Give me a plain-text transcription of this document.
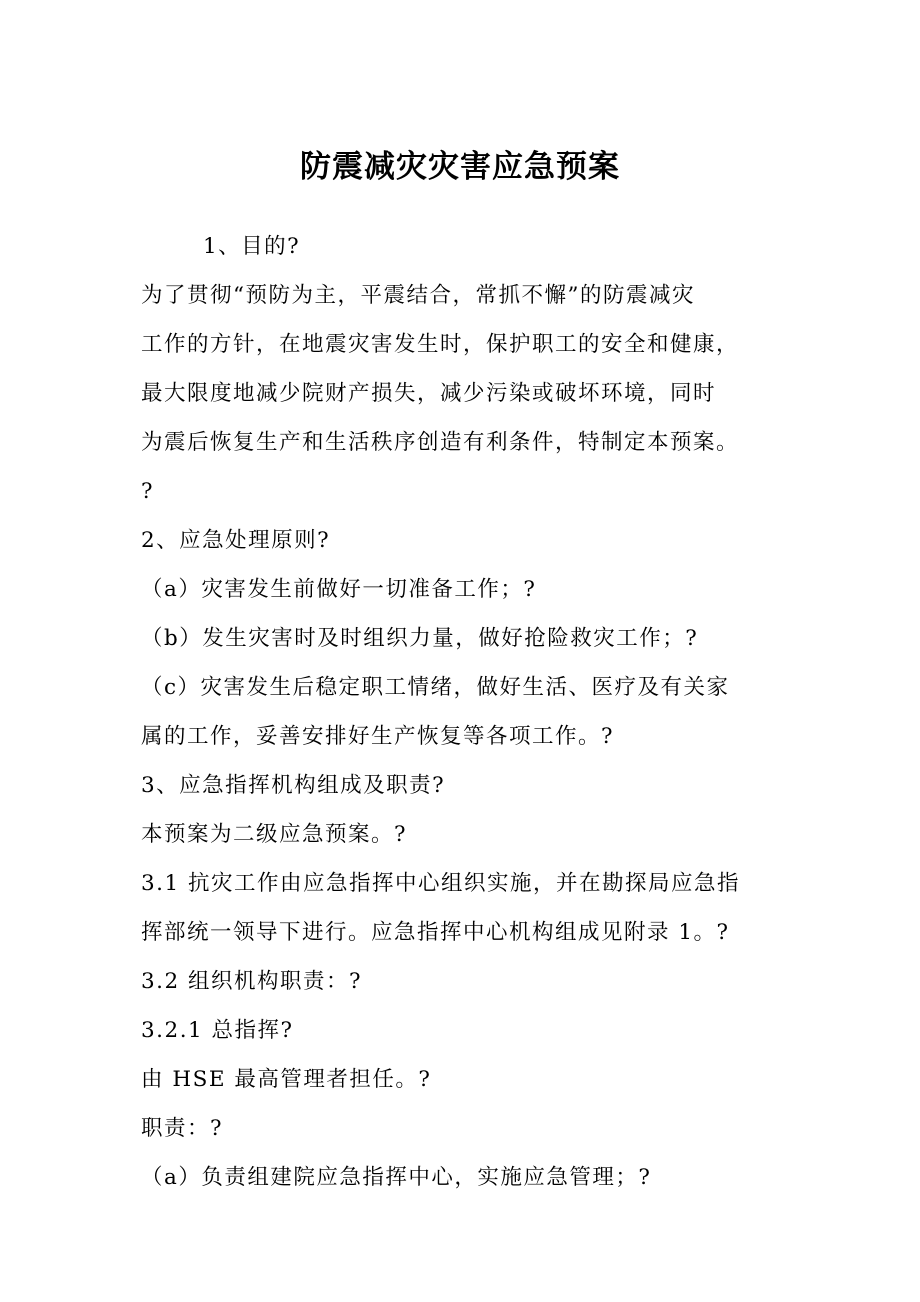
防震减灾灾害应急预案
1、目的?
为了贯彻“预防为主，平震结合，常抓不懈”的防震减灾
工作的方针，在地震灾害发生时，保护职工的安全和健康，
最大限度地减少院财产损失，减少污染或破坏环境，同时
为震后恢复生产和生活秩序创造有利条件，特制定本预案。
?
2、应急处理原则?
（a）灾害发生前做好一切准备工作；?
（b）发生灾害时及时组织力量，做好抢险救灾工作；?
（c）灾害发生后稳定职工情绪，做好生活、医疗及有关家
属的工作，妥善安排好生产恢复等各项工作。?
3、应急指挥机构组成及职责?
本预案为二级应急预案。?
3.1 抗灾工作由应急指挥中心组织实施，并在勘探局应急指
挥部统一领导下进行。应急指挥中心机构组成见附录 1。?
3.2 组织机构职责：?
3.2.1 总指挥?
由 HSE 最高管理者担任。?
职责：?
（a）负责组建院应急指挥中心，实施应急管理；?
